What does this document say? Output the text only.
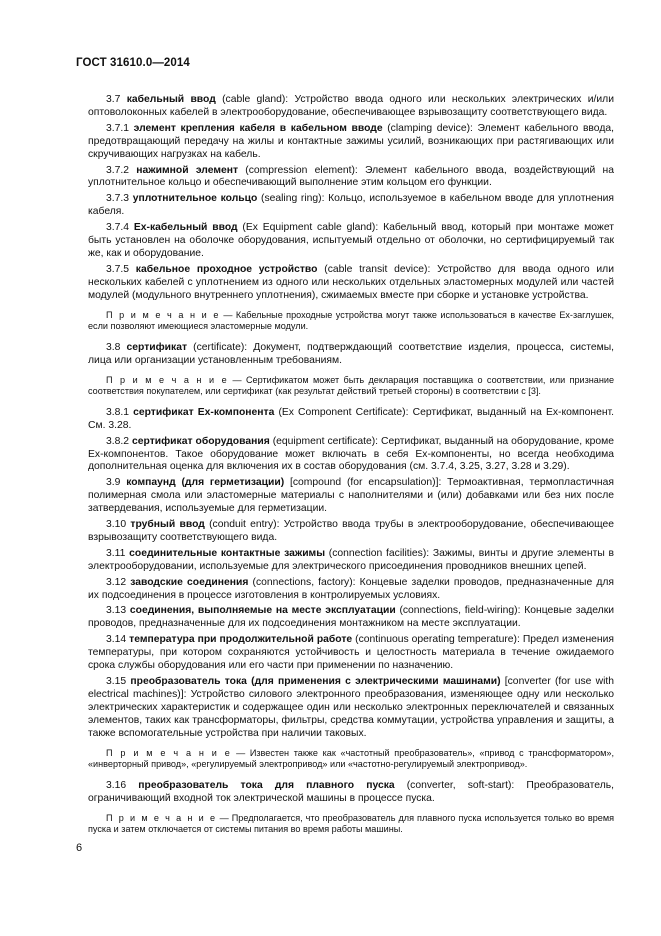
ГОСТ 31610.0—2014
3.7 кабельный ввод (cable gland): Устройство ввода одного или нескольких электрических и/или оптоволоконных кабелей в электрооборудование, обеспечивающее взрывозащиту соответствующего вида.
3.7.1 элемент крепления кабеля в кабельном вводе (clamping device): Элемент кабельного ввода, предотвращающий передачу на жилы и контактные зажимы усилий, возникающих при растягивающих или скручивающих нагрузках на кабель.
3.7.2 нажимной элемент (compression element): Элемент кабельного ввода, воздействующий на уплотнительное кольцо и обеспечивающий выполнение этим кольцом его функции.
3.7.3 уплотнительное кольцо (sealing ring): Кольцо, используемое в кабельном вводе для уплотнения кабеля.
3.7.4 Ex-кабельный ввод (Ex Equipment cable gland): Кабельный ввод, который при монтаже может быть установлен на оболочке оборудования, испытуемый отдельно от оболочки, но сертифицируемый так же, как и оборудование.
3.7.5 кабельное проходное устройство (cable transit device): Устройство для ввода одного или нескольких кабелей с уплотнением из одного или нескольких отдельных эластомерных модулей или частей модулей (модульного внутреннего уплотнения), сжимаемых вместе при сборке и установке устройства.
П р и м е ч а н и е — Кабельные проходные устройства могут также использоваться в качестве Ex-заглушек, если позволяют имеющиеся эластомерные модули.
3.8 сертификат (certificate): Документ, подтверждающий соответствие изделия, процесса, системы, лица или организации установленным требованиям.
П р и м е ч а н и е — Сертификатом может быть декларация поставщика о соответствии, или признание соответствия покупателем, или сертификат (как результат действий третьей стороны) в соответствии с [3].
3.8.1 сертификат Ex-компонента (Ex Component Certificate): Сертификат, выданный на Ex-компонент. См. 3.28.
3.8.2 сертификат оборудования (equipment certificate): Сертификат, выданный на оборудование, кроме Ex-компонентов. Такое оборудование может включать в себя Ex-компоненты, но всегда необходима дополнительная оценка для включения их в состав оборудования (см. 3.7.4, 3.25, 3.27, 3.28 и 3.29).
3.9 компаунд (для герметизации) [compound (for encapsulation)]: Термоактивная, термопластичная полимерная смола или эластомерные материалы с наполнителями и (или) добавками или без них после затвердевания, используемые для герметизации.
3.10 трубный ввод (conduit entry): Устройство ввода трубы в электрооборудование, обеспечивающее взрывозащиту соответствующего вида.
3.11 соединительные контактные зажимы (connection facilities): Зажимы, винты и другие элементы в электрооборудовании, используемые для электрического присоединения проводников внешних цепей.
3.12 заводские соединения (connections, factory): Концевые заделки проводов, предназначенные для их подсоединения в процессе изготовления в контролируемых условиях.
3.13 соединения, выполняемые на месте эксплуатации (connections, field-wiring): Концевые заделки проводов, предназначенные для их подсоединения монтажником на месте эксплуатации.
3.14 температура при продолжительной работе (continuous operating temperature): Предел изменения температуры, при котором сохраняются устойчивость и целостность материала в течение ожидаемого срока службы оборудования или его части при применении по назначению.
3.15 преобразователь тока (для применения с электрическими машинами) [converter (for use with electrical machines)]: Устройство силового электронного преобразования, изменяющее одну или несколько электрических характеристик и содержащее один или несколько электронных переключателей и связанных элементов, таких как трансформаторы, фильтры, средства коммутации, устройства управления и защиты, а также вспомогательные устройства при наличии таковых.
П р и м е ч а н и е — Известен также как «частотный преобразователь», «привод с трансформатором», «инверторный привод», «регулируемый электропривод» или «частотно-регулируемый электропривод».
3.16 преобразователь тока для плавного пуска (converter, soft-start): Преобразователь, ограничивающий входной ток электрической машины в процессе пуска.
П р и м е ч а н и е — Предполагается, что преобразователь для плавного пуска используется только во время пуска и затем отключается от системы питания во время работы машины.
6
